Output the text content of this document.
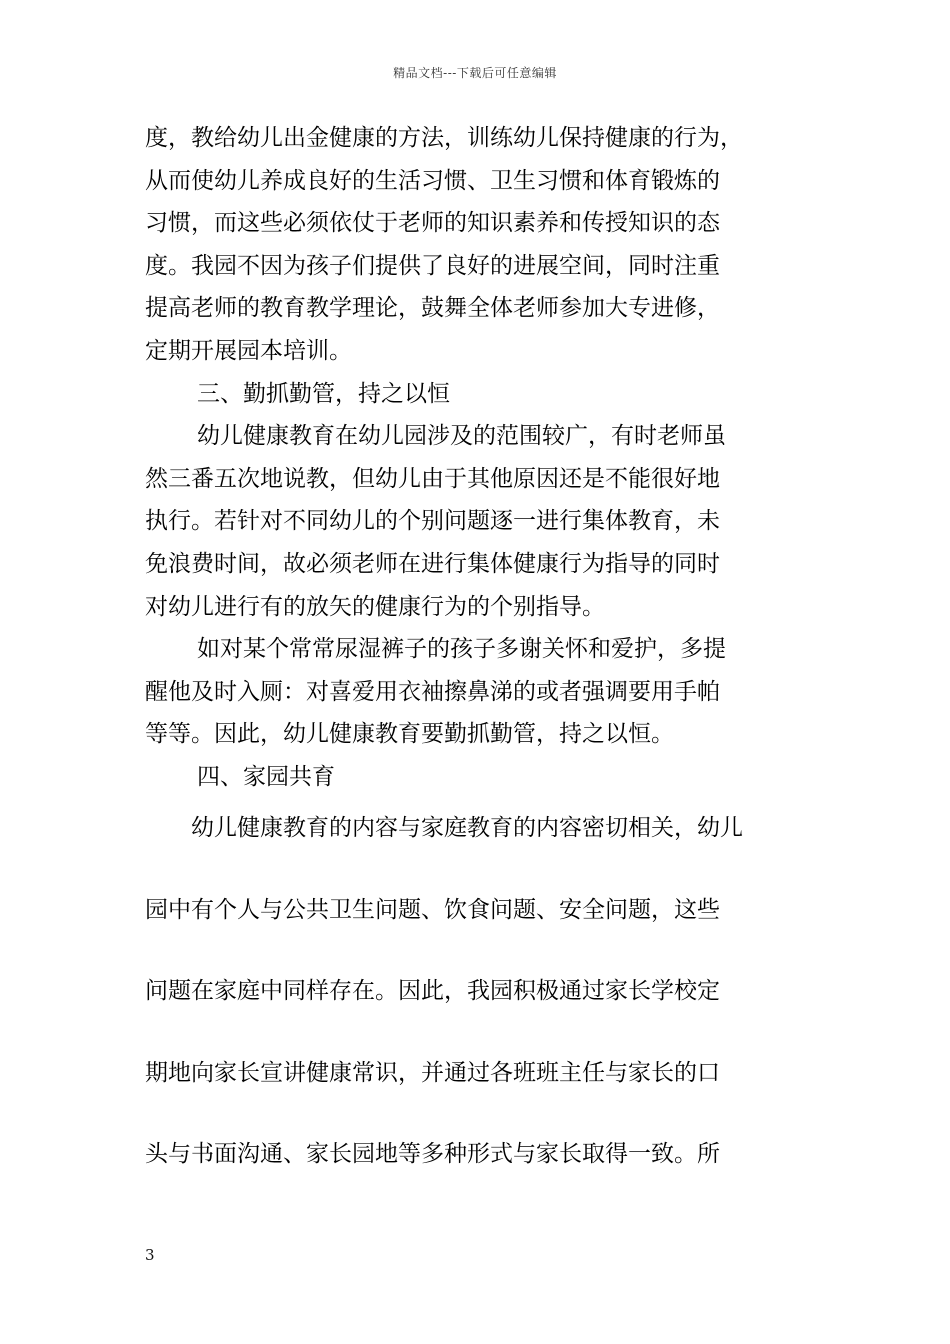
精品文档---下载后可任意编辑

度，教给幼儿出金健康的方法，训练幼儿保持健康的行为，

从而使幼儿养成良好的生活习惯、卫生习惯和体育锻炼的

习惯，而这些必须依仗于老师的知识素养和传授知识的态

度。我园不因为孩子们提供了良好的进展空间，同时注重

提高老师的教育教学理论，鼓舞全体老师参加大专进修，

定期开展园本培训。

三、勤抓勤管，持之以恒

幼儿健康教育在幼儿园涉及的范围较广，有时老师虽

然三番五次地说教，但幼儿由于其他原因还是不能很好地

执行。若针对不同幼儿的个别问题逐一进行集体教育，未

免浪费时间，故必须老师在进行集体健康行为指导的同时

对幼儿进行有的放矢的健康行为的个别指导。

如对某个常常尿湿裤子的孩子多谢关怀和爱护，多提

醒他及时入厕：对喜爱用衣袖擦鼻涕的或者强调要用手帕

等等。因此，幼儿健康教育要勤抓勤管，持之以恒。

四、家园共育

幼儿健康教育的内容与家庭教育的内容密切相关，幼儿

园中有个人与公共卫生问题、饮食问题、安全问题，这些

问题在家庭中同样存在。因此，我园积极通过家长学校定

期地向家长宣讲健康常识，并通过各班班主任与家长的口

头与书面沟通、家长园地等多种形式与家长取得一致。所

3
